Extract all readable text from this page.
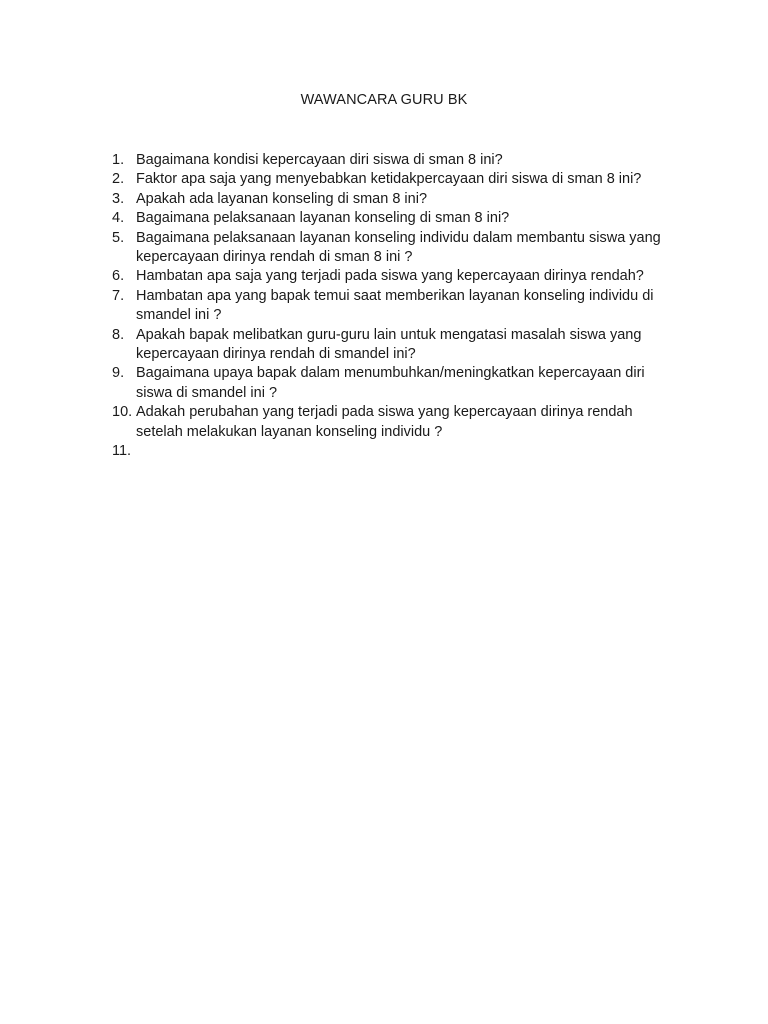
WAWANCARA GURU BK
1. Bagaimana kondisi kepercayaan diri siswa di sman 8 ini?
2. Faktor apa saja yang menyebabkan ketidakpercayaan diri siswa di sman 8 ini?
3. Apakah ada layanan konseling di sman 8 ini?
4. Bagaimana pelaksanaan layanan konseling di sman 8 ini?
5. Bagaimana pelaksanaan layanan konseling individu dalam membantu siswa yang kepercayaan dirinya rendah di sman 8 ini ?
6. Hambatan apa saja yang terjadi pada siswa yang kepercayaan dirinya rendah?
7. Hambatan apa yang bapak temui saat memberikan layanan konseling individu di smandel ini ?
8. Apakah bapak melibatkan guru-guru lain untuk mengatasi masalah siswa yang kepercayaan dirinya rendah di smandel ini?
9. Bagaimana upaya bapak dalam menumbuhkan/meningkatkan kepercayaan diri siswa di smandel ini ?
10. Adakah perubahan yang terjadi pada siswa yang kepercayaan dirinya rendah setelah melakukan layanan konseling individu ?
11.
